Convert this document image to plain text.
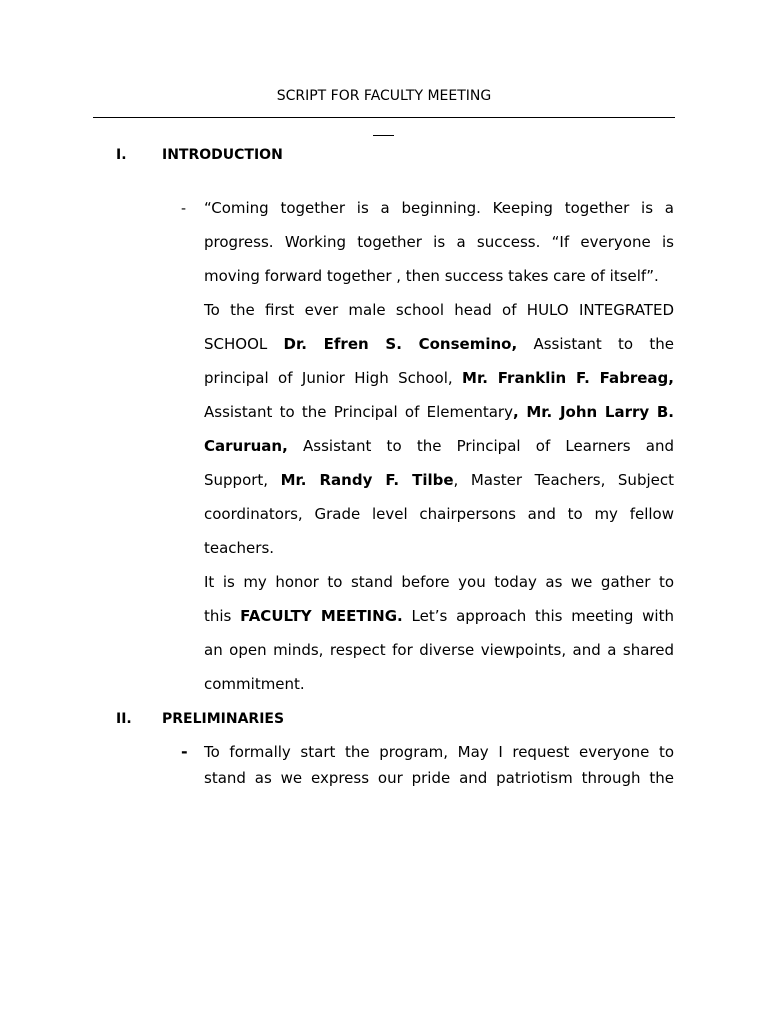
SCRIPT FOR FACULTY MEETING
I.	INTRODUCTION
- “Coming together is a beginning. Keeping together is a
progress. Working together is a success. “If everyone is
moving forward together , then success takes care of itself”.
To the first ever male school head of HULO INTEGRATED
SCHOOL Dr. Efren S. Consemino, Assistant to the
principal of Junior High School, Mr. Franklin F. Fabreag,
Assistant to the Principal of Elementary, Mr. John Larry B.
Caruruan, Assistant to the Principal of Learners and
Support, Mr. Randy F. Tilbe, Master Teachers, Subject
coordinators, Grade level chairpersons and to my fellow
teachers.
It is my honor to stand before you today as we gather to
this FACULTY MEETING. Let’s approach this meeting with
an open minds, respect for diverse viewpoints, and a shared
commitment.
II. PRELIMINARIES
- To formally start the program, May I request everyone to
stand as we express our pride and patriotism through the
